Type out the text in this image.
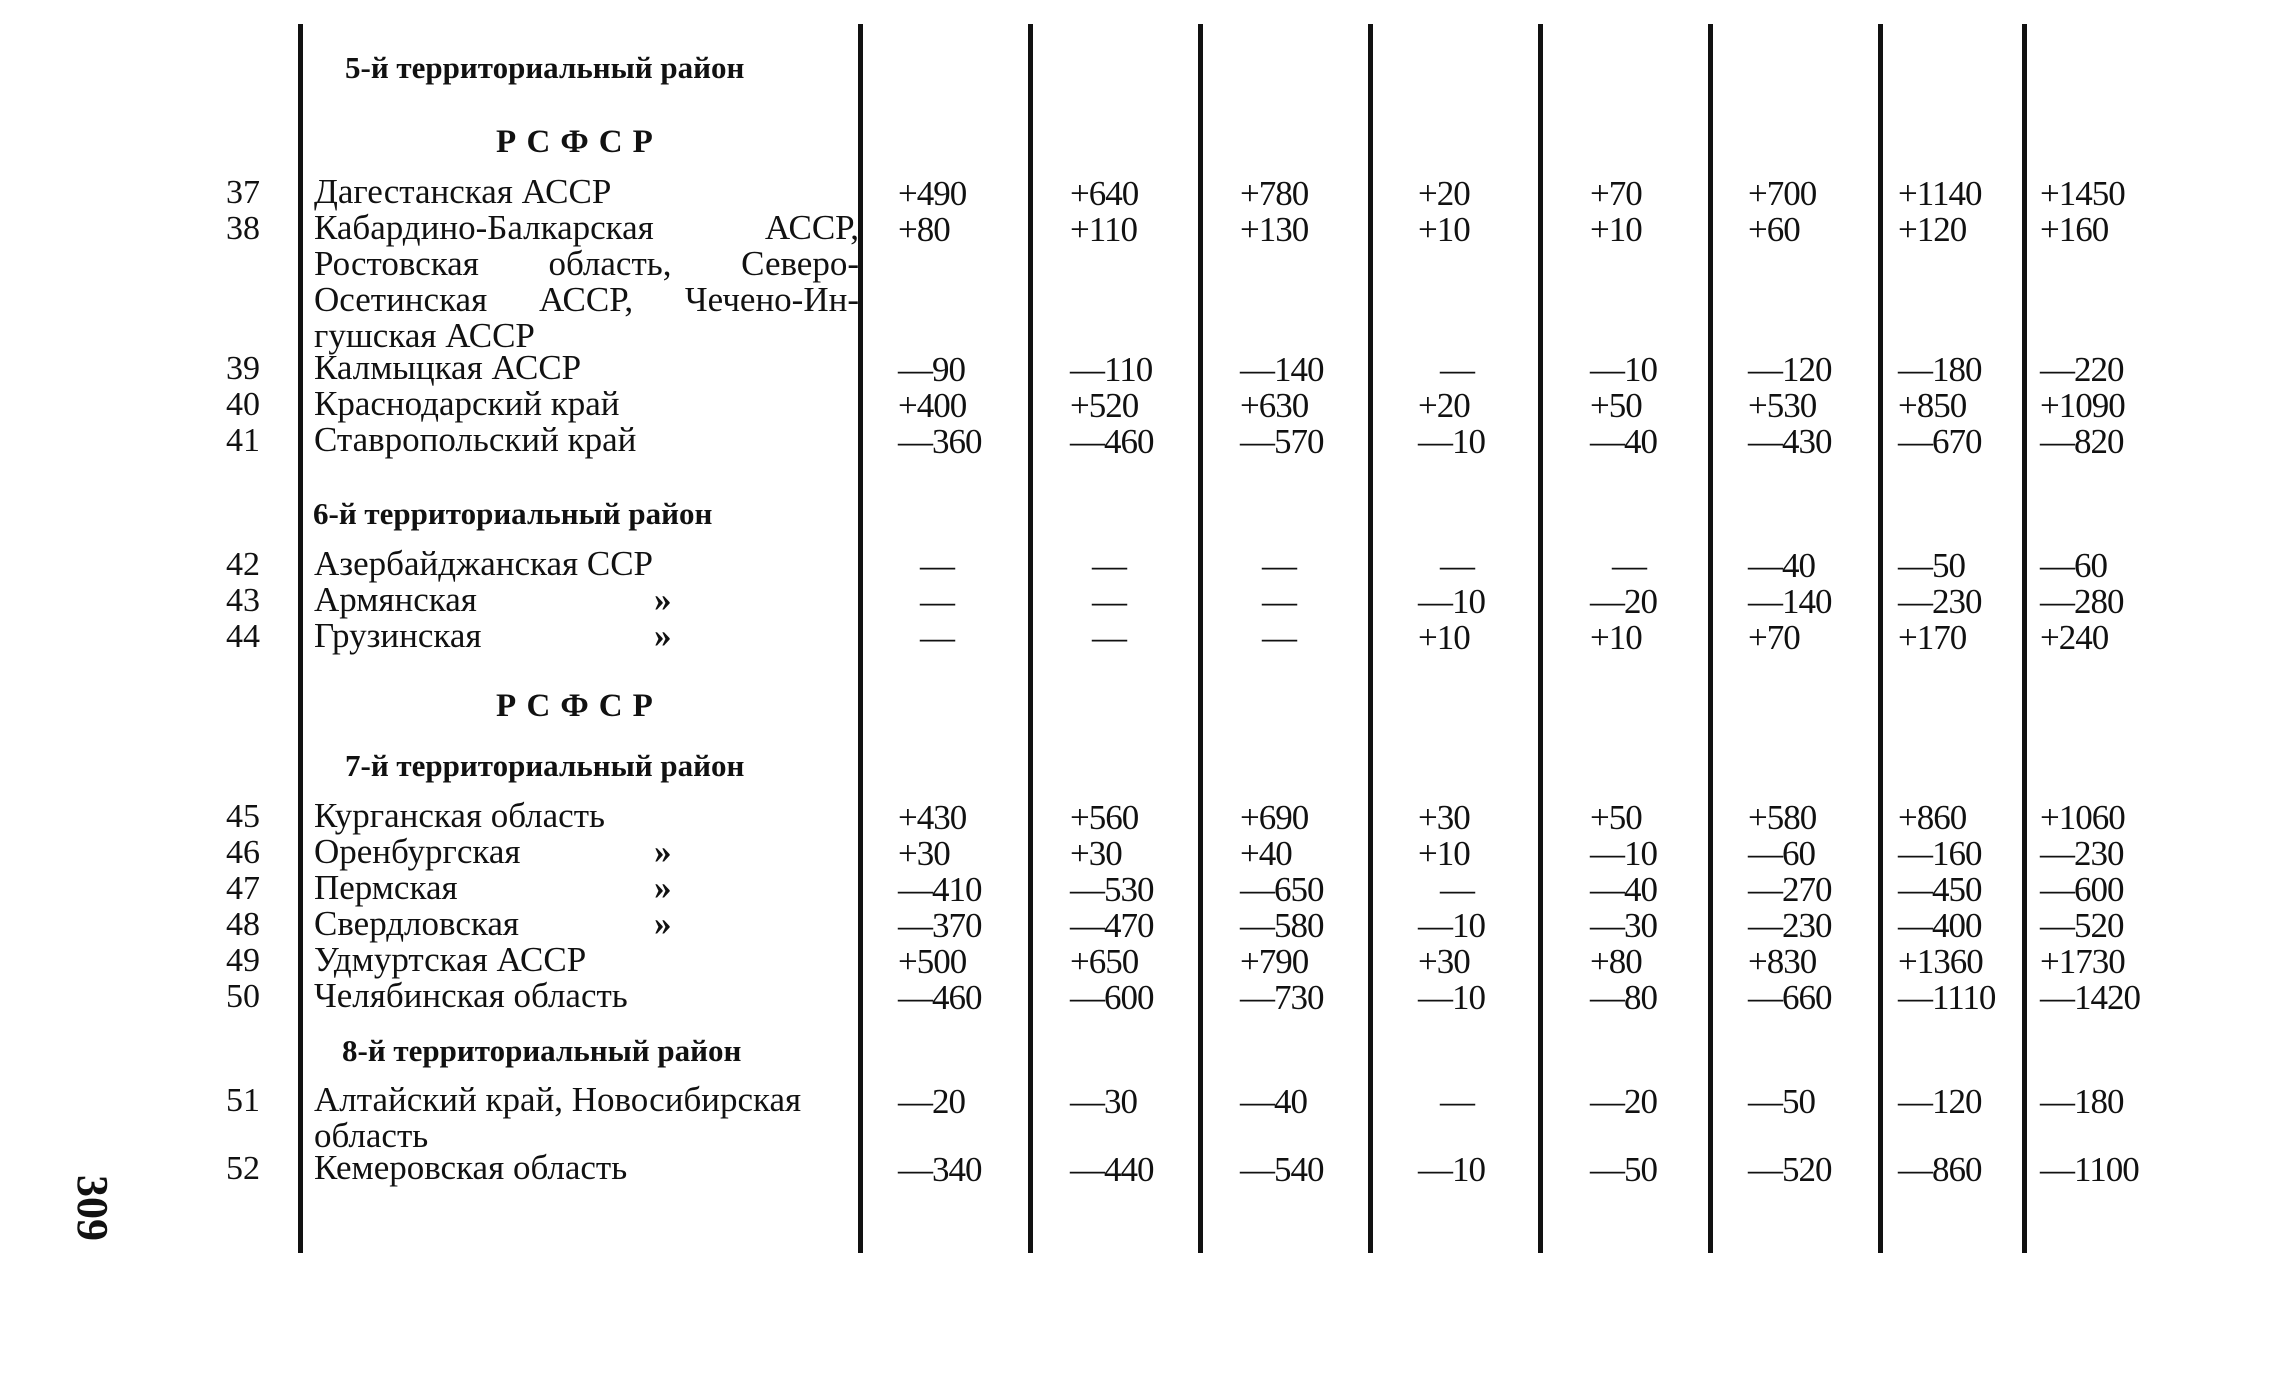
5-й территориальный район
РСФСР
37 Дагестанская АССР	+490	+640	+780	+20	+70	+700 +1140 +1450
38 Кабардино-Балкарская АССР,
Ростовская область, Северо-
Осетинская АССР, Чечено-Ин-
гушская АССР
+80	+110	+130	+10	+10	+60	+120 +160
39 Калмыцкая АССР	—90	—110	—140	—	—10	—120 —180 —220
40 Краснодарский край	+400	+520	+630	+20	+50	+530 +850 +1090
41 Ставропольский край	—360	—460 —570	—10	—40	—430 —670 —820
6-й территориальный район
42 Азербайджанская ССР	—	—	—	—	—	—40 —50 —60
43 Армянская	»	—	—	—	—10	—20	—140 —230 —280
44 Грузинская	»	—	—	—	+10	+10	+70	+170 +240
РСФСР
7-й территориальный район
45 Курганская область	+430	+560	+690	+30	+50	+580 +860 +1060
46 Оренбургская	»	+30	+30	+40	+10	—10	—60 —160 —230
47 Пермская	»	—410	—530 —650	—	—40	—270 —450 —600
48 Свердловская	»	—370	—470 —580	—10	—30	—230 —400 —520
49 Удмуртская АССР	+500	+650	+790	+30	+80	+830 +1360 +1730
50 Челябинская область	—460	—600 —730	—10	—80	—660 —1110 —1420
8-й территориальный район
51 Алтайский край, Новосибирская
область
—20	—30	—40	—	—20	—50 —120 —180
52 Кемеровская область	—340	—440 —540	—10	—50	—520 —860 —1100
309
